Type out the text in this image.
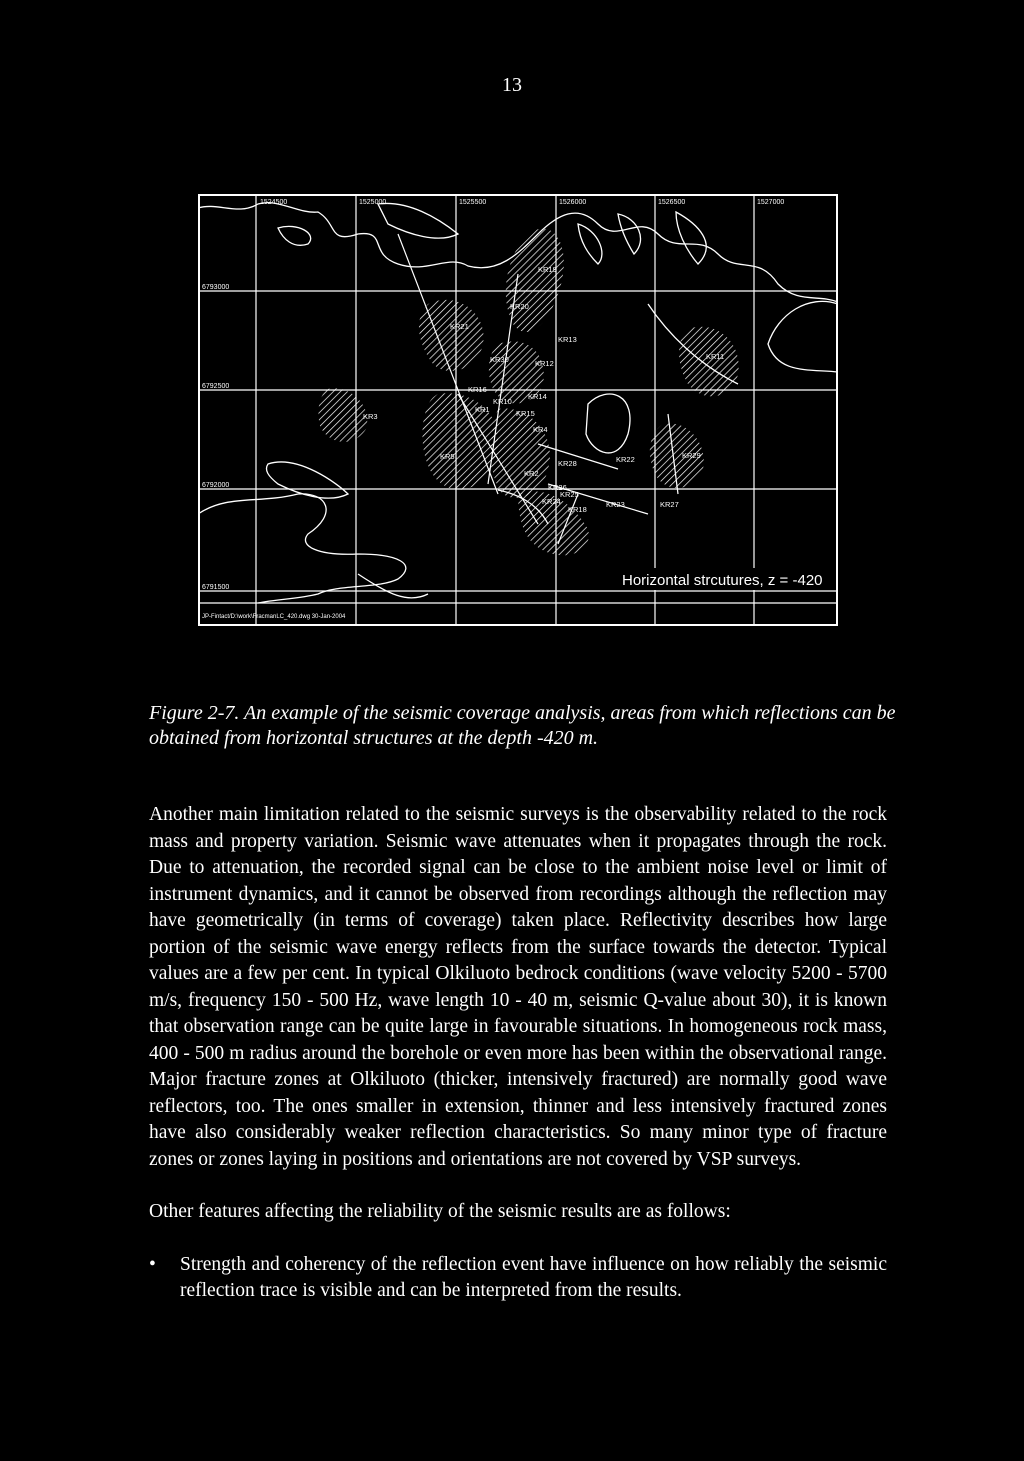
13
KR19
KR20
KR21
KR13
KR30	KR12
KR14
KR11
KR15
KR16
KR10
KR1
KR3
KR4
KR5
KR28	KR22	KR29
KR23	KR27
KR26
KR25
KR24
KR18
KR2
1524500	1525000	1525500	1526000	1526500	1527000
6793000
6792500
6792000
6791500	Horizontal strcutures, z = -420
JP-Fintact/D:\work\FracmanLC_420.dwg 30-Jan-2004
Figure 2-7. An example of the seismic coverage analysis, areas from which reflections can be obtained from horizontal structures at the depth -420 m.

Another main limitation related to the seismic surveys is the observability related to the rock mass and property variation. Seismic wave attenuates when it propagates through the rock. Due to attenuation, the recorded signal can be close to the ambient noise level or limit of instrument dynamics, and it cannot be observed from recordings although the reflection may have geometrically (in terms of coverage) taken place. Reflectivity describes how large portion of the seismic wave energy reflects from the surface towards the detector. Typical values are a few per cent. In typical Olkiluoto bedrock conditions (wave velocity 5200 - 5700 m/s, frequency 150 - 500 Hz, wave length 10 - 40 m, seismic Q-value about 30), it is known that observation range can be quite large in favourable situations. In homogeneous rock mass, 400 - 500 m radius around the borehole or even more has been within the observational range. Major fracture zones at Olkiluoto (thicker, intensively fractured) are normally good wave reflectors, too. The ones smaller in extension, thinner and less intensively fractured zones have also considerably weaker reflection characteristics. So many minor type of fracture zones or zones laying in positions and orientations are not covered by VSP surveys.

Other features affecting the reliability of the seismic results are as follows:

• Strength and coherency of the reflection event have influence on how reliably the seismic reflection trace is visible and can be interpreted from the results.
